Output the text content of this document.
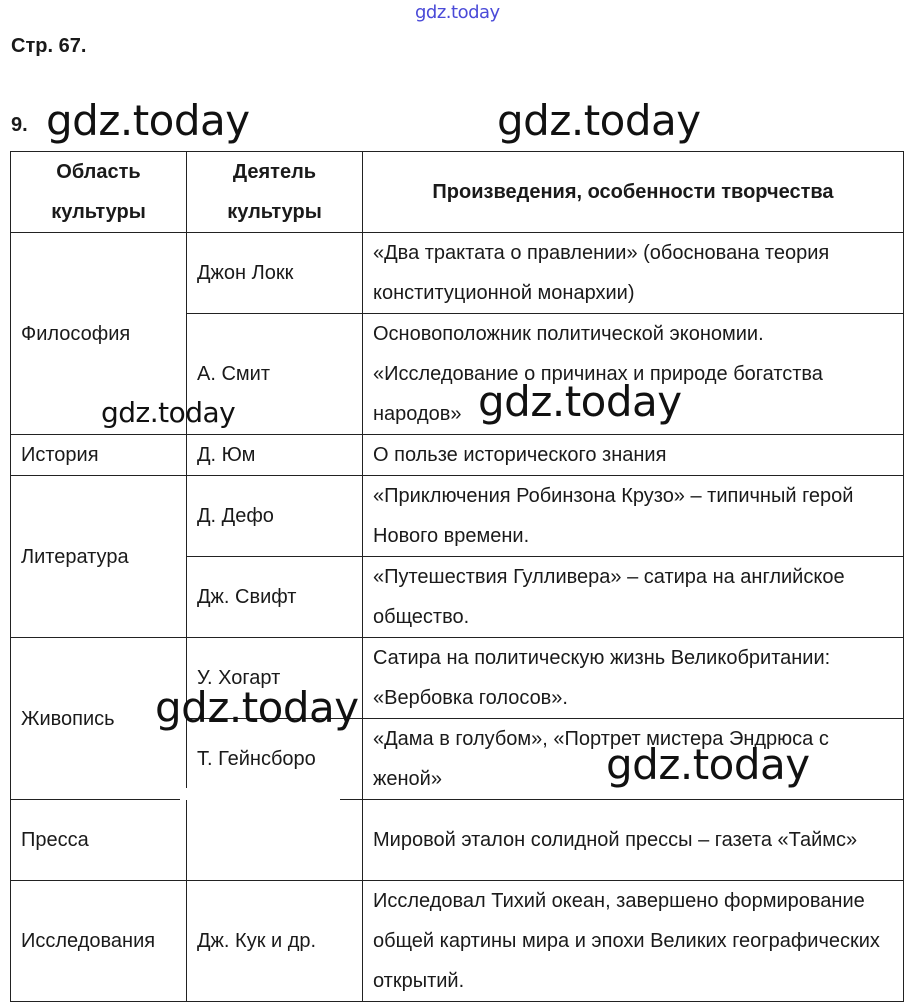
gdz.today
Стр. 67.
9.
Область культуры	Деятель культуры	Произведения, особенности творчества
Философия	Джон Локк	«Два трактата о правлении» (обоснована теория конституционной монархии)
	А. Смит	Основоположник политической экономии. «Исследование о причинах и природе богатства народов»
История	Д. Юм	О пользе исторического знания
Литература	Д. Дефо	«Приключения Робинзона Крузо» – типичный герой Нового времени.
	Дж. Свифт	«Путешествия Гулливера» – сатира на английское общество.
Живопись	У. Хогарт	Сатира на политическую жизнь Великобритании: «Вербовка голосов».
	Т. Гейнсборо	«Дама в голубом», «Портрет мистера Эндрюса с женой»
Пресса		Мировой эталон солидной прессы – газета «Таймс»
Исследования	Дж. Кук и др.	Исследовал Тихий океан, завершено формирование общей картины мира и эпохи Великих географических открытий.
gdz.today	gdz.today
gdz.today	gdz.today
gdz.today
gdz.today
